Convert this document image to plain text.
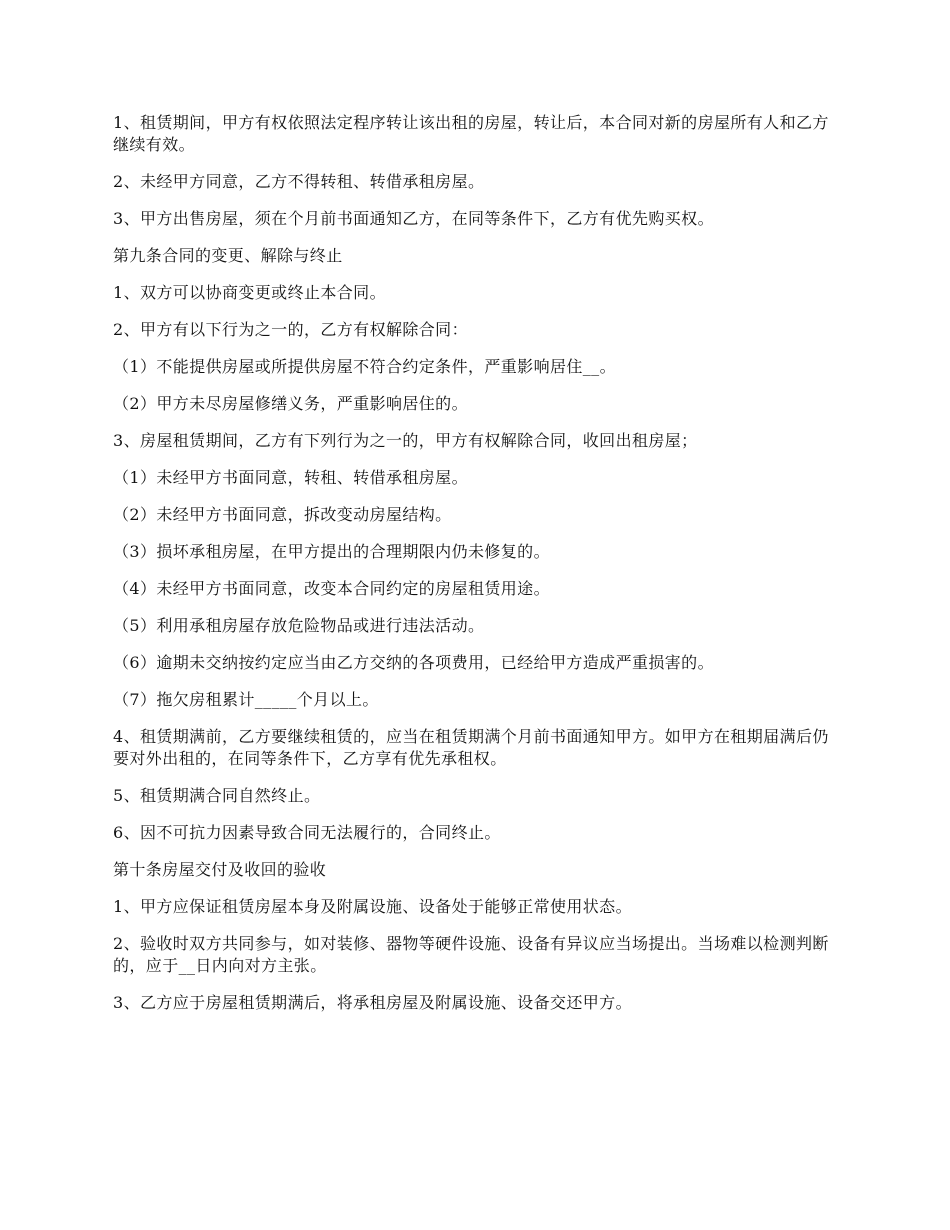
1、租赁期间，甲方有权依照法定程序转让该出租的房屋，转让后，本合同对新的房屋所有人和乙方继续有效。

2、未经甲方同意，乙方不得转租、转借承租房屋。

3、甲方出售房屋，须在个月前书面通知乙方，在同等条件下，乙方有优先购买权。

第九条合同的变更、解除与终止

1、双方可以协商变更或终止本合同。

2、甲方有以下行为之一的，乙方有权解除合同：

（1）不能提供房屋或所提供房屋不符合约定条件，严重影响居住__。

（2）甲方未尽房屋修缮义务，严重影响居住的。

3、房屋租赁期间，乙方有下列行为之一的，甲方有权解除合同，收回出租房屋；

（1）未经甲方书面同意，转租、转借承租房屋。

（2）未经甲方书面同意，拆改变动房屋结构。

（3）损坏承租房屋，在甲方提出的合理期限内仍未修复的。

（4）未经甲方书面同意，改变本合同约定的房屋租赁用途。

（5）利用承租房屋存放危险物品或进行违法活动。

（6）逾期未交纳按约定应当由乙方交纳的各项费用，已经给甲方造成严重损害的。

（7）拖欠房租累计_____个月以上。

4、租赁期满前，乙方要继续租赁的，应当在租赁期满个月前书面通知甲方。如甲方在租期届满后仍要对外出租的，在同等条件下，乙方享有优先承租权。

5、租赁期满合同自然终止。

6、因不可抗力因素导致合同无法履行的，合同终止。

第十条房屋交付及收回的验收

1、甲方应保证租赁房屋本身及附属设施、设备处于能够正常使用状态。

2、验收时双方共同参与，如对装修、器物等硬件设施、设备有异议应当场提出。当场难以检测判断的，应于__日内向对方主张。

3、乙方应于房屋租赁期满后，将承租房屋及附属设施、设备交还甲方。
